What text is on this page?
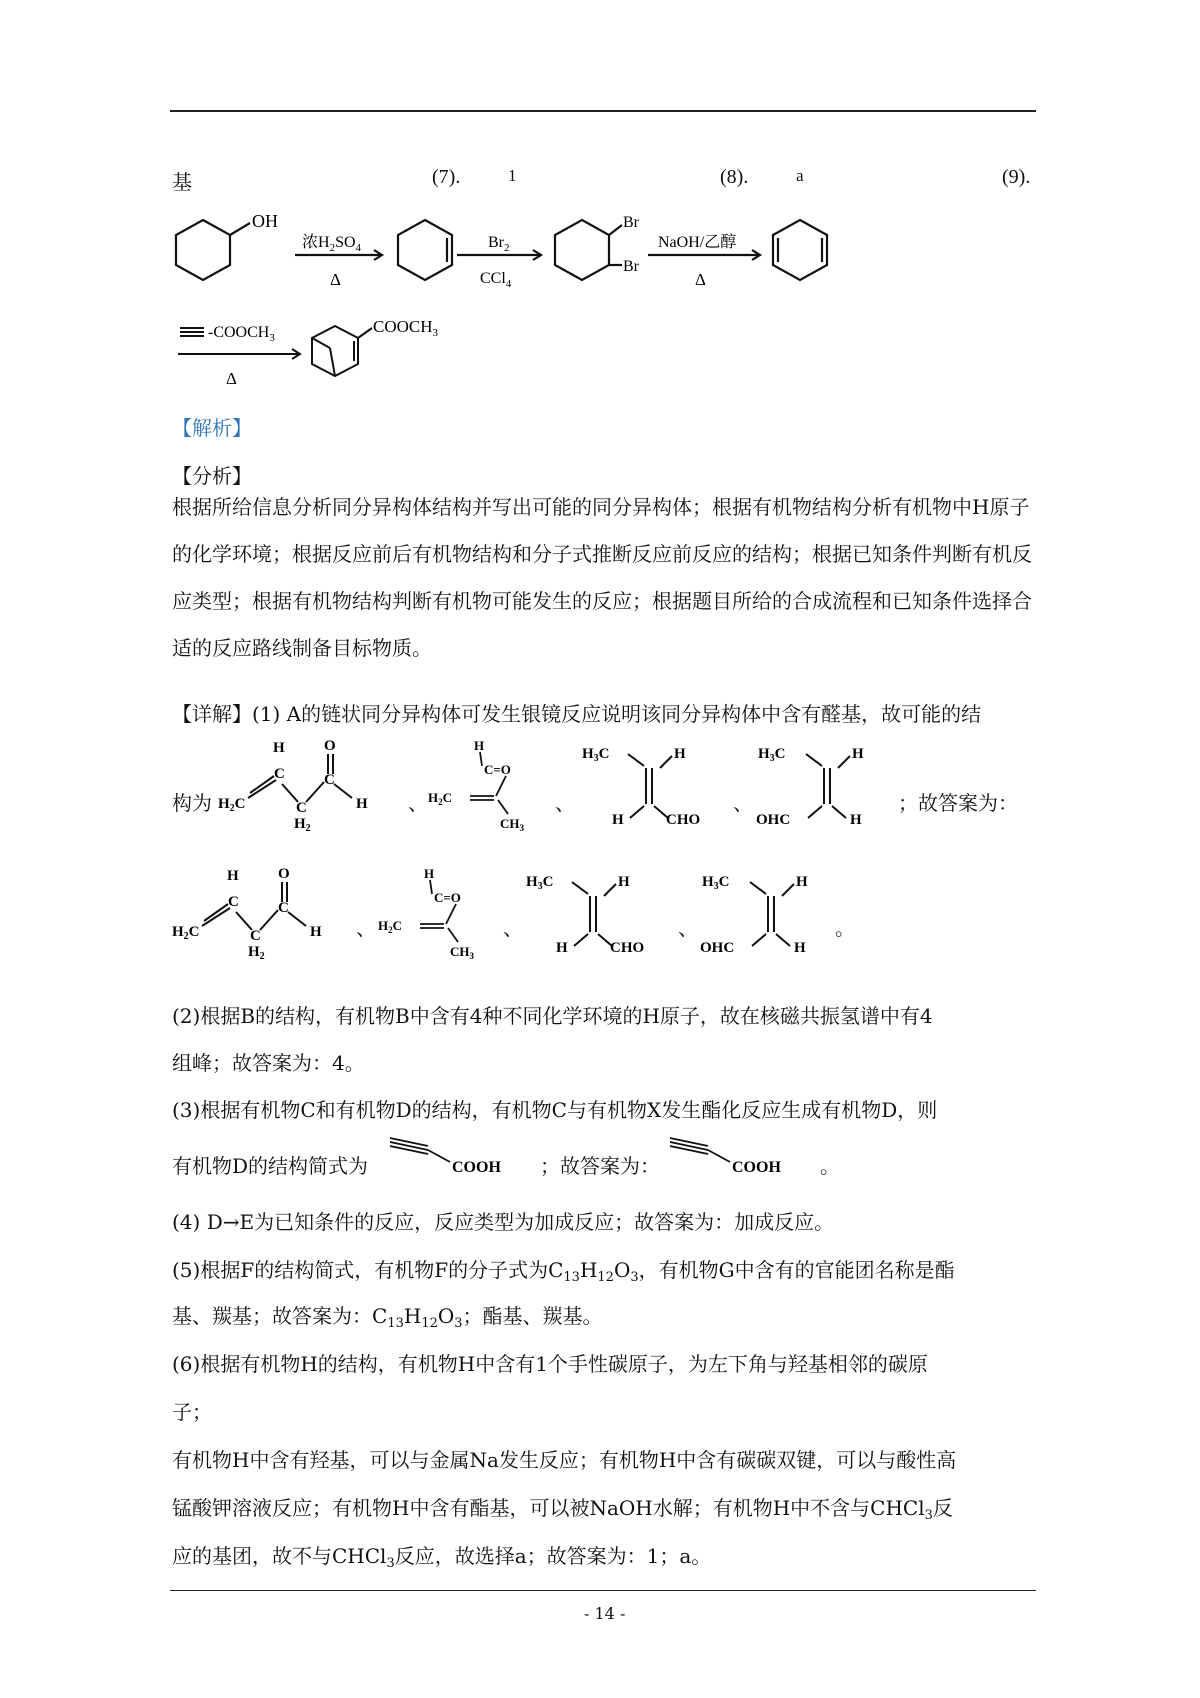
基	(7).	1	(8).	a	(9).
OH
浓$H_2SO_4$
Δ
$Br_2$
CCl$_4$
Br
Br
NaOH/乙醇
Δ
$-COOCH_3$
Δ
$COOCH_3$
【解析】
【分析】
根据所给信息分析同分异构体结构并写出可能的同分异构体；根据有机物结构分析有机物中H原子的化学环境；根据反应前后有机物结构和分子式推断反应前反应的结构；根据已知条件判断有机反应类型；根据有机物结构判断有机物可能发生的反应；根据题目所给的合成流程和已知条件选择合适的反应路线制备目标物质。
【详解】(1) A的链状同分异构体可发生银镜反应说明该同分异构体中含有醛基，故可能的结
构为 $H_2C$
H
C
C
$H_2$
C
O
H 、 $H_2C$
H
C=O
$CH_3$
、
$H_3C$	H
H	CHO
、
$H_3C$	H
OHC	H
；故答案为：
$H_2C$
H
C
C
$H_2$
C
O
H 、 $H_2C$
H
C=O
$CH_3$
、
$H_3C$	H
H	CHO
、
$H_3C$	H
OHC	H
。
(2)根据B的结构，有机物B中含有4种不同化学环境的H原子，故在核磁共振氢谱中有4
组峰；故答案为：4。
(3)根据有机物C和有机物D的结构，有机物C与有机物X发生酯化反应生成有机物D，则
有机物D的结构简式为	COOH ；故答案为：	COOH 。
(4) D→E为已知条件的反应，反应类型为加成反应；故答案为：加成反应。
(5)根据F的结构简式，有机物F的分子式为$C_{13}H_{12}O_3$，有机物G中含有的官能团名称是酯
基、羰基；故答案为：$C_{13}H_{12}O_3$；酯基、羰基。
(6)根据有机物H的结构，有机物H中含有1个手性碳原子，为左下角与羟基相邻的碳原
子；
有机物H中含有羟基，可以与金属Na发生反应；有机物H中含有碳碳双键，可以与酸性高
锰酸钾溶液反应；有机物H中含有酯基，可以被NaOH水解；有机物H中不含与CHCl$_3$反
应的基团，故不与CHCl$_3$反应，故选择a；故答案为：1；a。
- 14 -
